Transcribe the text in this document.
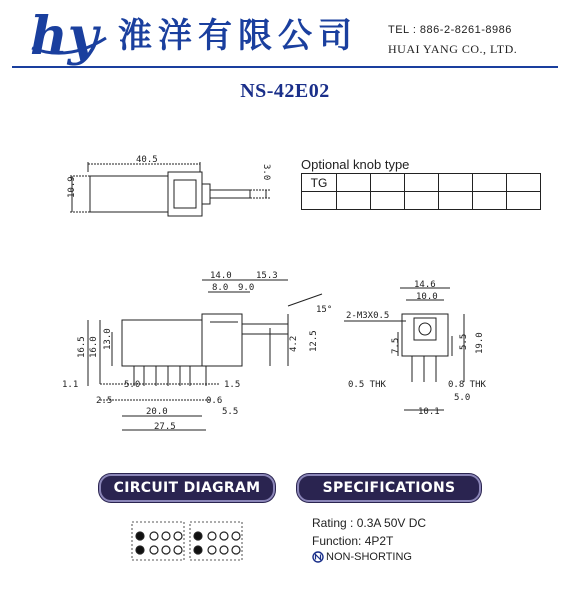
hy 淮洋有限公司	TEL : 886-2-8261-8986
HUAI YANG CO., LTD.
NS-42E02
40.5
10.9
3.0 Optional knob type
TG						

14.0	15.3
8.0 9.0
15°
16.5 16.0 13.0	4.2 12.5
1.1	5.0	1.5
2.5	0.6
20.0	5.5
27.5
14.6
10.0
2-M3X0.5
7.5	5.5 19.0
0.5 THK	0.8 THK
5.0
10.1
CIRCUIT DIAGRAM	SPECIFICATIONS
Rating : 0.3A 50V DC
Function: 4P2T
NON-SHORTING
